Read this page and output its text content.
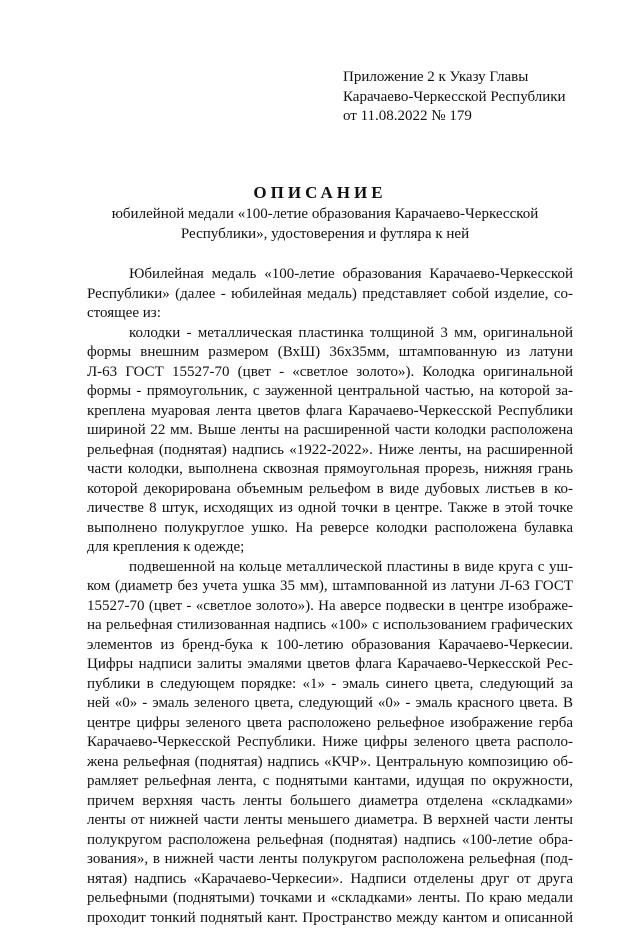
Приложение 2 к Указу Главы
Карачаево-Черкесской Республики
от 11.08.2022 № 179
ОПИСАНИЕ
юбилейной медали «100-летие образования Карачаево-Черкесской
Республики», удостоверения и футляра к ней
Юбилейная медаль «100-летие образования Карачаево-Черкесской
Республики» (далее - юбилейная медаль) представляет собой изделие, со-
стоящее из:
колодки - металлическая пластинка толщиной 3 мм, оригинальной
формы внешним размером (ВхШ) 36х35мм, штампованную из латуни
Л-63 ГОСТ 15527-70 (цвет - «светлое золото»). Колодка оригинальной
формы - прямоугольник, с зауженной центральной частью, на которой за-
креплена муаровая лента цветов флага Карачаево-Черкесской Республики
шириной 22 мм. Выше ленты на расширенной части колодки расположена
рельефная (поднятая) надпись «1922-2022». Ниже ленты, на расширенной
части колодки, выполнена сквозная прямоугольная прорезь, нижняя грань
которой декорирована объемным рельефом в виде дубовых листьев в ко-
личестве 8 штук, исходящих из одной точки в центре. Также в этой точке
выполнено полукруглое ушко. На реверсе колодки расположена булавка
для крепления к одежде;
подвешенной на кольце металлической пластины в виде круга с уш-
ком (диаметр без учета ушка 35 мм), штампованной из латуни Л-63 ГОСТ
15527-70 (цвет - «светлое золото»). На аверсе подвески в центре изображе-
на рельефная стилизованная надпись «100» с использованием графических
элементов из бренд-бука к 100-летию образования Карачаево-Черкесии.
Цифры надписи залиты эмалями цветов флага Карачаево-Черкесской Рес-
публики в следующем порядке: «1» - эмаль синего цвета, следующий за
ней «0» - эмаль зеленого цвета, следующий «0» - эмаль красного цвета. В
центре цифры зеленого цвета расположено рельефное изображение герба
Карачаево-Черкесской Республики. Ниже цифры зеленого цвета располо-
жена рельефная (поднятая) надпись «КЧР». Центральную композицию об-
рамляет рельефная лента, с поднятыми кантами, идущая по окружности,
причем верхняя часть ленты большего диаметра отделена «складками»
ленты от нижней части ленты меньшего диаметра. В верхней части ленты
полукругом расположена рельефная (поднятая) надпись «100-летие обра-
зования», в нижней части ленты полукругом расположена рельефная (под-
нятая) надпись «Карачаево-Черкесии». Надписи отделены друг от друга
рельефными (поднятыми) точками и «складками» ленты. По краю медали
проходит тонкий поднятый кант. Пространство между кантом и описанной
